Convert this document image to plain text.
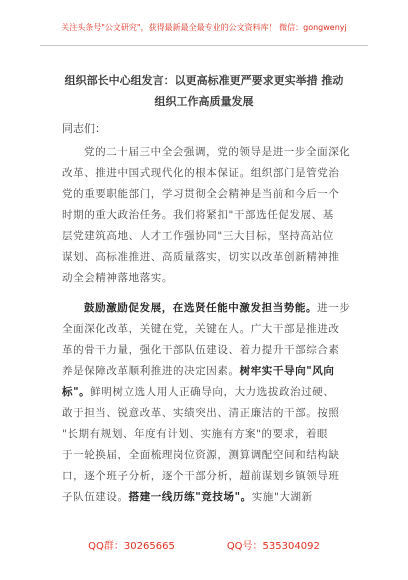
关注头条号"公文研究"，获得最新最全最专业的公文资料库！ 微信：gongwenyj
组织部长中心组发言：以更高标准更严要求更实举措 推动
组织工作高质量发展
同志们：
党的二十届三中全会强调，党的领导是进一步全面深化
改革、推进中国式现代化的根本保证。组织部门是管党治
党的重要职能部门，学习贯彻全会精神是当前和今后一个
时期的重大政治任务。我们将紧扣"干部选任促发展、基
层党建筑高地、人才工作强协同"三大目标，坚持高站位
谋划、高标准推进、高质量落实，切实以改革创新精神推
动全会精神落地落实。
鼓励激励促发展，在选贤任能中激发担当势能。进一步
全面深化改革，关键在党，关键在人。广大干部是推进改
革的骨干力量，强化干部队伍建设、着力提升干部综合素
养是保障改革顺利推进的决定因素。树牢实干导向"风向
标"。鲜明树立选人用人正确导向，大力选拔政治过硬、
敢于担当、锐意改革、实绩突出、清正廉洁的干部。按照
"长期有规划、年度有计划、实施有方案"的要求，着眼
于一轮换届，全面梳理岗位资源，测算调配空间和结构缺
口，逐个班子分析，逐个干部分析，超前谋划乡镇领导班
子队伍建设。搭建一线历练"竞技场"。实施"大湖新
QQ群：30265665	QQ号：535304092
